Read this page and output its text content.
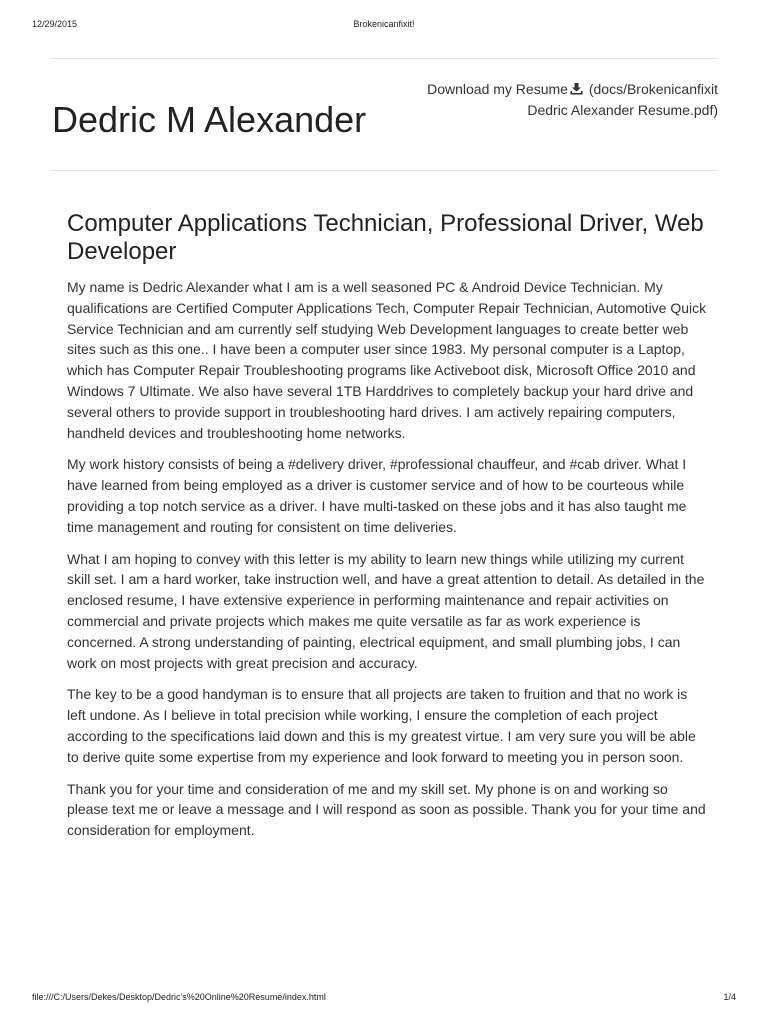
12/29/2015	Brokenicanfixit!
Dedric M Alexander
Download my Resume (docs/Brokenicanfixit
Dedric Alexander Resume.pdf)
Computer Applications Technician, Professional Driver, Web Developer

My name is Dedric Alexander what I am is a well seasoned PC & Android Device Technician. My qualifications are Certified Computer Applications Tech, Computer Repair Technician, Automotive Quick Service Technician and am currently self studying Web Development languages to create better web sites such as this one.. I have been a computer user since 1983. My personal computer is a Laptop, which has Computer Repair Troubleshooting programs like Activeboot disk, Microsoft Office 2010 and Windows 7 Ultimate. We also have several 1TB Harddrives to completely backup your hard drive and several others to provide support in troubleshooting hard drives. I am actively repairing computers, handheld devices and troubleshooting home networks.

My work history consists of being a #delivery driver, #professional chauffeur, and #cab driver. What I have learned from being employed as a driver is customer service and of how to be courteous while providing a top notch service as a driver. I have multi-tasked on these jobs and it has also taught me time management and routing for consistent on time deliveries.

What I am hoping to convey with this letter is my ability to learn new things while utilizing my current skill set. I am a hard worker, take instruction well, and have a great attention to detail. As detailed in the enclosed resume, I have extensive experience in performing maintenance and repair activities on commercial and private projects which makes me quite versatile as far as work experience is concerned. A strong understanding of painting, electrical equipment, and small plumbing jobs, I can work on most projects with great precision and accuracy.

The key to be a good handyman is to ensure that all projects are taken to fruition and that no work is left undone. As I believe in total precision while working, I ensure the completion of each project according to the specifications laid down and this is my greatest virtue. I am very sure you will be able to derive quite some expertise from my experience and look forward to meeting you in person soon.

Thank you for your time and consideration of me and my skill set. My phone is on and working so please text me or leave a message and I will respond as soon as possible. Thank you for your time and consideration for employment.

file:///C:/Users/Dekes/Desktop/Dedric's%20Online%20Resume/index.html	1/4
